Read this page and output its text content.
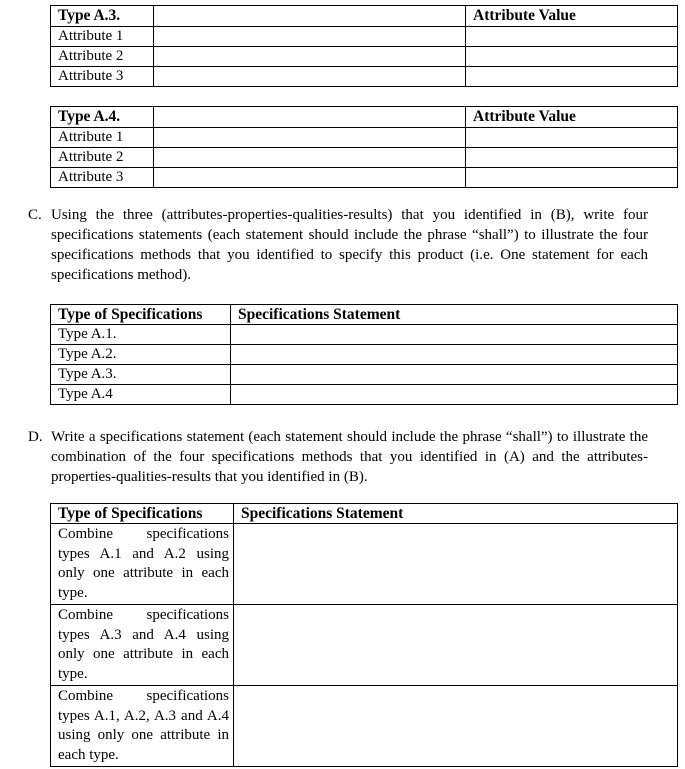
Type A.3.		Attribute Value
Attribute 1		
Attribute 2		
Attribute 3		
Type A.4.		Attribute Value
Attribute 1		
Attribute 2		
Attribute 3		
C. Using the three (attributes-properties-qualities-results) that you identified in (B), write four specifications statements (each statement should include the phrase “shall”) to illustrate the four specifications methods that you identified to specify this product (i.e. One statement for each specifications method).
Type of Specifications	Specifications Statement
Type A.1.	
Type A.2.	
Type A.3.	
Type A.4	
D. Write a specifications statement (each statement should include the phrase “shall”) to illustrate the combination of the four specifications methods that you identified in (A) and the attributes-properties-qualities-results that you identified in (B).
Type of Specifications	Specifications Statement
Combine specifications types A.1 and A.2 using only one attribute in each type.	
Combine specifications types A.3 and A.4 using only one attribute in each type.	
Combine specifications types A.1, A.2, A.3 and A.4 using only one attribute in each type.	
